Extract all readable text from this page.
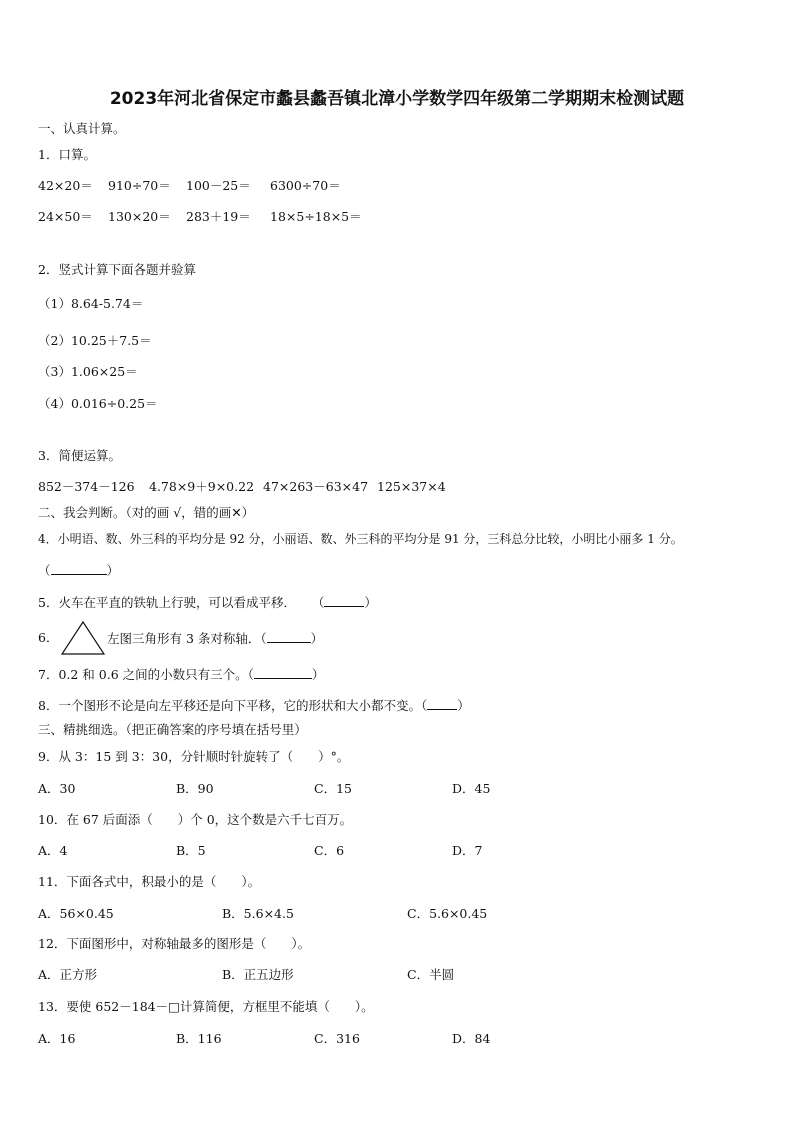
2023年河北省保定市蠡县蠡吾镇北漳小学数学四年级第二学期期末检测试题
一、认真计算。
1．口算。
42×20＝ 910÷70＝ 100－25＝ 6300÷70＝
24×50＝ 130×20＝ 283＋19＝ 18×5÷18×5＝
2．竖式计算下面各题并验算
（1）8.64-5.74＝
（2）10.25＋7.5＝
（3）1.06×25＝
（4）0.016÷0.25＝
3．简便运算。
852－374－126 4.78×9＋9×0.22 47×263－63×47 125×37×4
二、我会判断。（对的画 √，错的画✕）
4．小明语、数、外三科的平均分是 92 分，小丽语、数、外三科的平均分是 91 分，三科总分比较，小明比小丽多 1 分。
（	）
5．火车在平直的铁轨上行驶，可以看成平移． （	）
6．	左图三角形有 3 条对称轴．（	）
7．0.2 和 0.6 之间的小数只有三个。（	）
8．一个图形不论是向左平移还是向下平移，它的形状和大小都不变。（ ）
三、精挑细选。（把正确答案的序号填在括号里）
9．从 3：15 到 3：30，分针顺时针旋转了（　　）°。
A．30	B．90	C．15	D．45
10．在 67 后面添（　　）个 0，这个数是六千七百万。
A．4	B．5	C．6	D．7
11．下面各式中，积最小的是（　　）。
A．56×0.45	B．5.6×4.5	C．5.6×0.45
12．下面图形中，对称轴最多的图形是（　　）。
A．正方形	B．正五边形	C．半圆
13．要使 652－184－□计算简便，方框里不能填（　　）。
A．16	B．116	C．316	D．84
